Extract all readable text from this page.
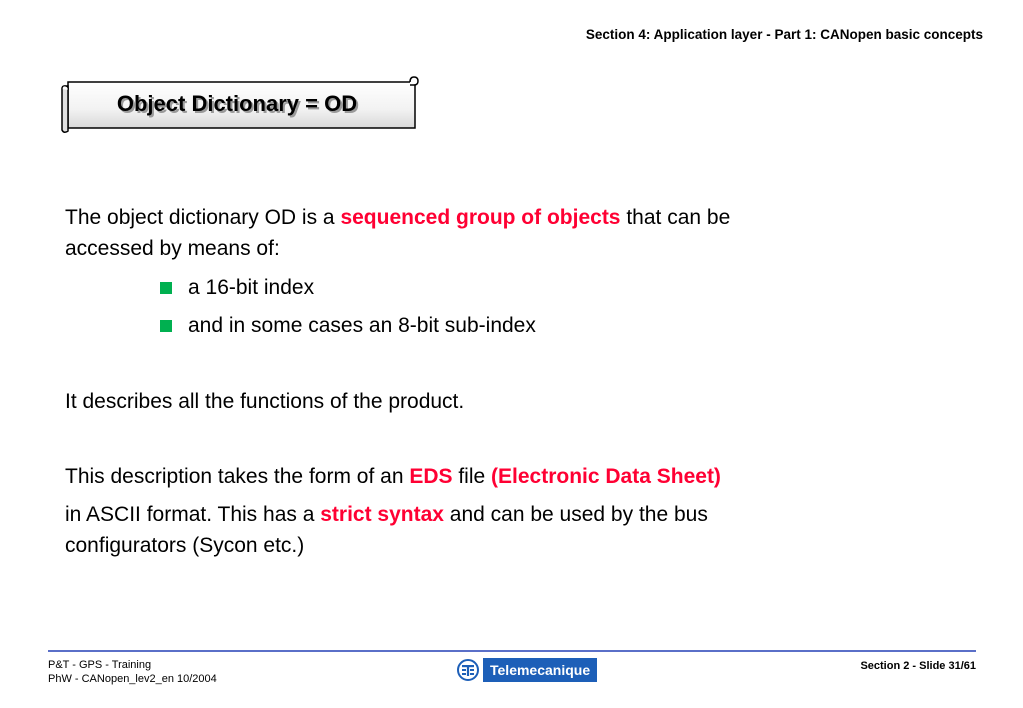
Section 4: Application layer - Part 1: CANopen basic concepts
Object Dictionary = OD
The object dictionary OD is a sequenced group of objects that can be
accessed by means of:
a 16-bit index
and in some cases an 8-bit sub-index
It describes all the functions of the product.
This description takes the form of an EDS file (Electronic Data Sheet)
in ASCII format. This has a strict syntax and can be used by the bus
configurators (Sycon etc.)
P&T - GPS - Training
PhW - CANopen_lev2_en 10/2004
Telemecanique	Section 2 - Slide 31/61
